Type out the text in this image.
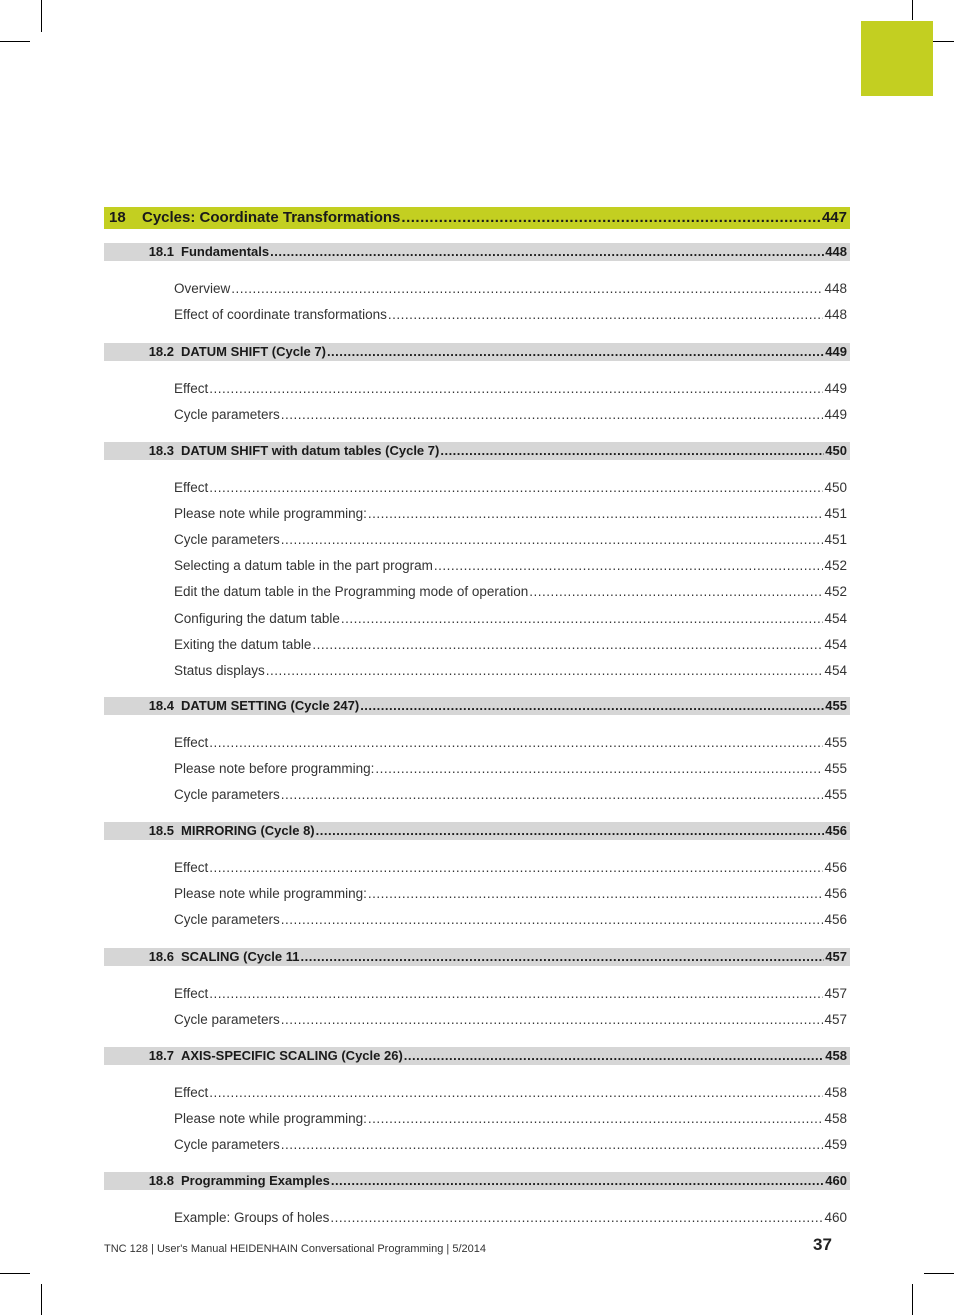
18	Cycles: Coordinate Transformations .....	447
18.1 Fundamentals .....	448
Overview .....	448
Effect of coordinate transformations .....	448
18.2 DATUM SHIFT (Cycle 7) .....	449
Effect .....	449
Cycle parameters .....	449
18.3 DATUM SHIFT with datum tables (Cycle 7) .....	450
Effect .....	450
Please note while programming: .....	451
Cycle parameters .....	451
Selecting a datum table in the part program .....	452
Edit the datum table in the Programming mode of operation .....	452
Configuring the datum table .....	454
Exiting the datum table .....	454
Status displays .....	454
18.4 DATUM SETTING (Cycle 247) .....	455
Effect .....	455
Please note before programming: .....	455
Cycle parameters .....	455
18.5 MIRRORING (Cycle 8) .....	456
Effect .....	456
Please note while programming: .....	456
Cycle parameters .....	456
18.6 SCALING (Cycle 11 .....	457
Effect .....	457
Cycle parameters .....	457
18.7 AXIS-SPECIFIC SCALING (Cycle 26) .....	458
Effect .....	458
Please note while programming: .....	458
Cycle parameters .....	459
18.8 Programming Examples .....	460
Example: Groups of holes .....	460
TNC 128 | User's Manual HEIDENHAIN Conversational Programming | 5/2014	37
